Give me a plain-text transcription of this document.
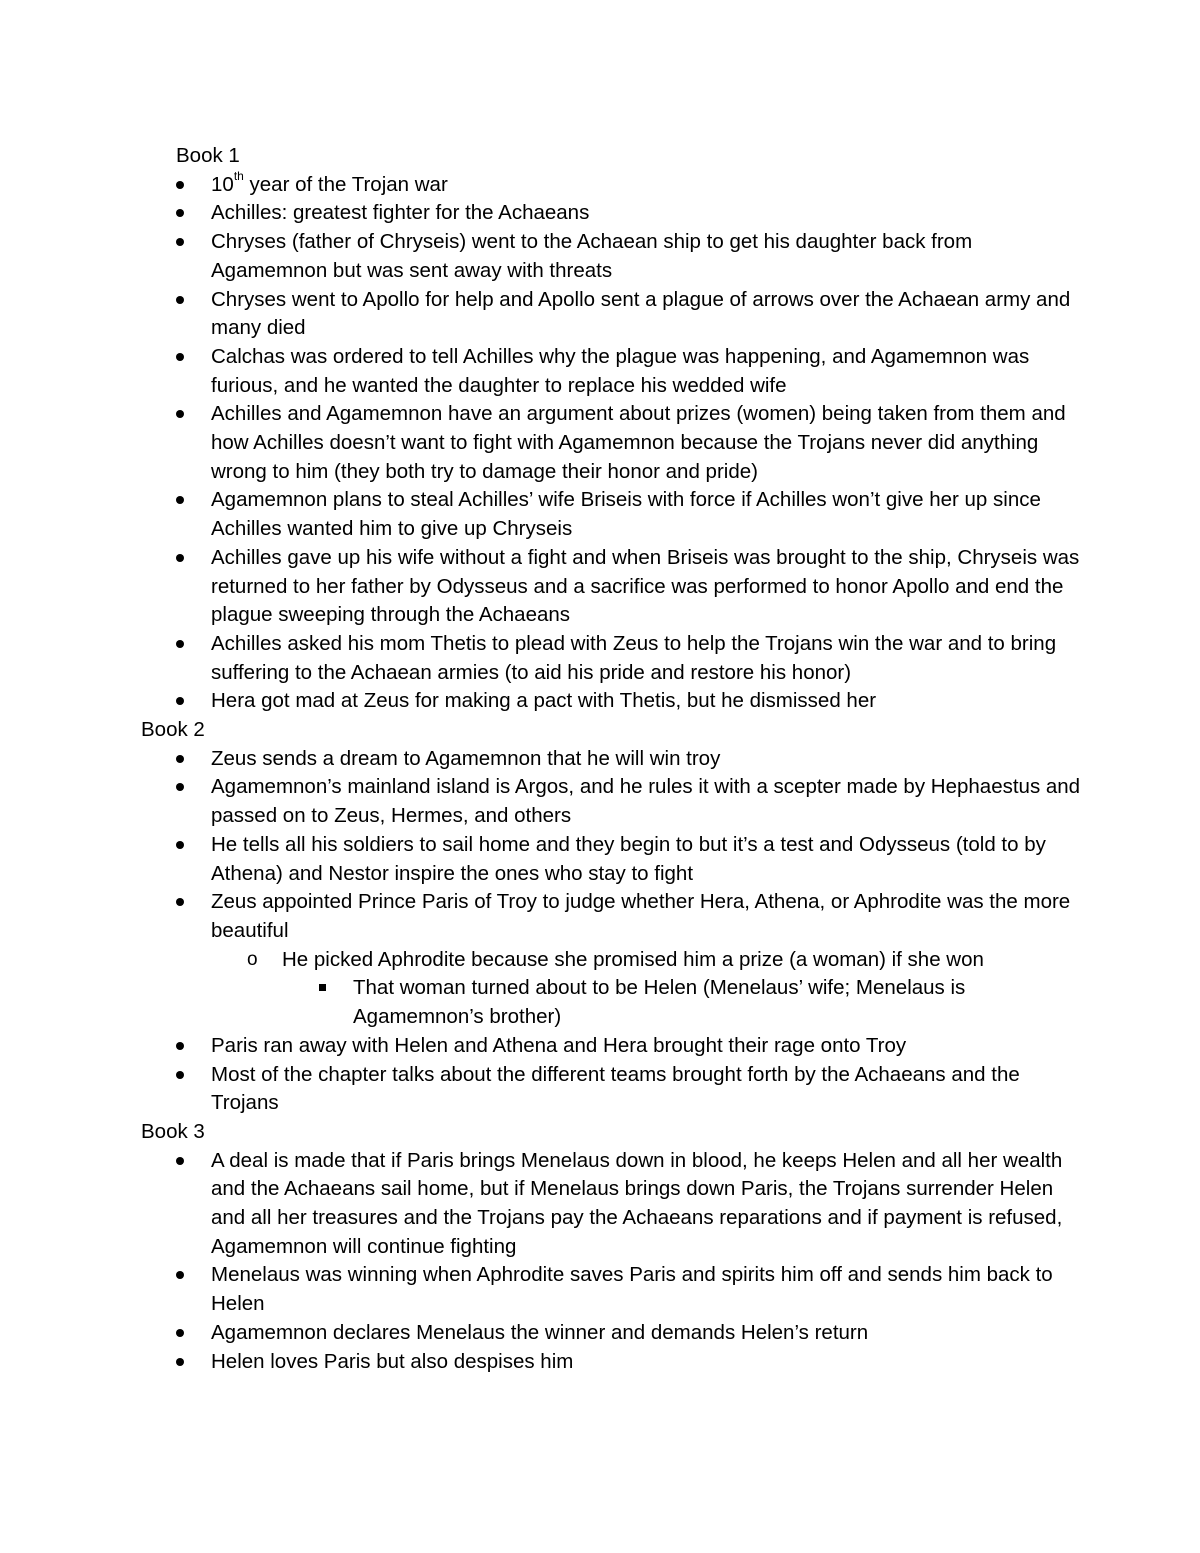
Book 1
10th year of the Trojan war
Achilles: greatest fighter for the Achaeans
Chryses (father of Chryseis) went to the Achaean ship to get his daughter back from Agamemnon but was sent away with threats
Chryses went to Apollo for help and Apollo sent a plague of arrows over the Achaean army and many died
Calchas was ordered to tell Achilles why the plague was happening, and Agamemnon was furious, and he wanted the daughter to replace his wedded wife
Achilles and Agamemnon have an argument about prizes (women) being taken from them and how Achilles doesn’t want to fight with Agamemnon because the Trojans never did anything wrong to him (they both try to damage their honor and pride)
Agamemnon plans to steal Achilles’ wife Briseis with force if Achilles won’t give her up since Achilles wanted him to give up Chryseis
Achilles gave up his wife without a fight and when Briseis was brought to the ship, Chryseis was returned to her father by Odysseus and a sacrifice was performed to honor Apollo and end the plague sweeping through the Achaeans
Achilles asked his mom Thetis to plead with Zeus to help the Trojans win the war and to bring suffering to the Achaean armies (to aid his pride and restore his honor)
Hera got mad at Zeus for making a pact with Thetis, but he dismissed her
Book 2
Zeus sends a dream to Agamemnon that he will win troy
Agamemnon’s mainland island is Argos, and he rules it with a scepter made by Hephaestus and passed on to Zeus, Hermes, and others
He tells all his soldiers to sail home and they begin to but it’s a test and Odysseus (told to by Athena) and Nestor inspire the ones who stay to fight
Zeus appointed Prince Paris of Troy to judge whether Hera, Athena, or Aphrodite was the more beautiful
o He picked Aphrodite because she promised him a prize (a woman) if she won
That woman turned about to be Helen (Menelaus’ wife; Menelaus is Agamemnon’s brother)
Paris ran away with Helen and Athena and Hera brought their rage onto Troy
Most of the chapter talks about the different teams brought forth by the Achaeans and the Trojans
Book 3
A deal is made that if Paris brings Menelaus down in blood, he keeps Helen and all her wealth and the Achaeans sail home, but if Menelaus brings down Paris, the Trojans surrender Helen and all her treasures and the Trojans pay the Achaeans reparations and if payment is refused, Agamemnon will continue fighting
Menelaus was winning when Aphrodite saves Paris and spirits him off and sends him back to Helen
Agamemnon declares Menelaus the winner and demands Helen’s return
Helen loves Paris but also despises him
